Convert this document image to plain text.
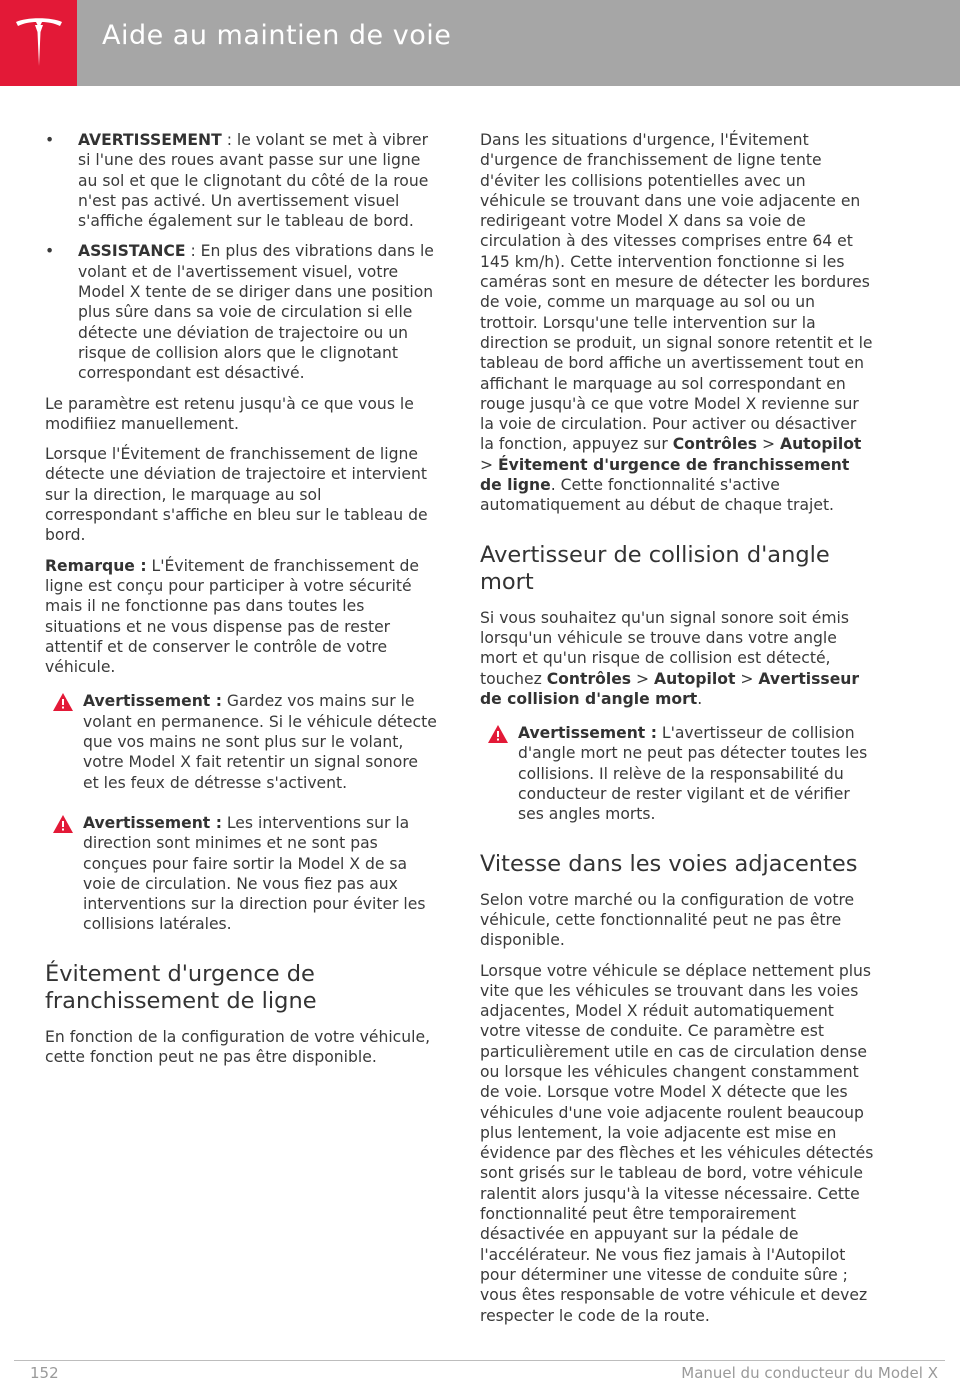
Aide au maintien de voie
• AVERTISSEMENT : le volant se met à vibrer si l'une des roues avant passe sur une ligne au sol et que le clignotant du côté de la roue n'est pas activé. Un avertissement visuel s'affiche également sur le tableau de bord.
• ASSISTANCE : En plus des vibrations dans le volant et de l'avertissement visuel, votre Model X tente de se diriger dans une position plus sûre dans sa voie de circulation si elle détecte une déviation de trajectoire ou un risque de collision alors que le clignotant correspondant est désactivé.

Le paramètre est retenu jusqu'à ce que vous le modifiiez manuellement.

Lorsque l'Évitement de franchissement de ligne détecte une déviation de trajectoire et intervient sur la direction, le marquage au sol correspondant s'affiche en bleu sur le tableau de bord.

Remarque : L'Évitement de franchissement de ligne est conçu pour participer à votre sécurité mais il ne fonctionne pas dans toutes les situations et ne vous dispense pas de rester attentif et de conserver le contrôle de votre véhicule.

Avertissement : Gardez vos mains sur le volant en permanence. Si le véhicule détecte que vos mains ne sont plus sur le volant, votre Model X fait retentir un signal sonore et les feux de détresse s'activent.
Avertissement : Les interventions sur la direction sont minimes et ne sont pas conçues pour faire sortir la Model X de sa voie de circulation. Ne vous fiez pas aux interventions sur la direction pour éviter les collisions latérales.
Évitement d'urgence de franchissement de ligne

En fonction de la configuration de votre véhicule, cette fonction peut ne pas être disponible.

Dans les situations d'urgence, l'Évitement d'urgence de franchissement de ligne tente d'éviter les collisions potentielles avec un véhicule se trouvant dans une voie adjacente en redirigeant votre Model X dans sa voie de circulation à des vitesses comprises entre 64 et 145 km/h). Cette intervention fonctionne si les caméras sont en mesure de détecter les bordures de voie, comme un marquage au sol ou un trottoir. Lorsqu'une telle intervention sur la direction se produit, un signal sonore retentit et le tableau de bord affiche un avertissement tout en affichant le marquage au sol correspondant en rouge jusqu'à ce que votre Model X revienne sur la voie de circulation. Pour activer ou désactiver la fonction, appuyez sur Contrôles > Autopilot > Évitement d'urgence de franchissement de ligne. Cette fonctionnalité s'active automatiquement au début de chaque trajet.

Avertisseur de collision d'angle mort

Si vous souhaitez qu'un signal sonore soit émis lorsqu'un véhicule se trouve dans votre angle mort et qu'un risque de collision est détecté, touchez Contrôles > Autopilot > Avertisseur de collision d'angle mort.

Avertissement : L'avertisseur de collision d'angle mort ne peut pas détecter toutes les collisions. Il relève de la responsabilité du conducteur de rester vigilant et de vérifier ses angles morts.
Vitesse dans les voies adjacentes

Selon votre marché ou la configuration de votre véhicule, cette fonctionnalité peut ne pas être disponible.

Lorsque votre véhicule se déplace nettement plus vite que les véhicules se trouvant dans les voies adjacentes, Model X réduit automatiquement votre vitesse de conduite. Ce paramètre est particulièrement utile en cas de circulation dense ou lorsque les véhicules changent constamment de voie. Lorsque votre Model X détecte que les véhicules d'une voie adjacente roulent beaucoup plus lentement, la voie adjacente est mise en évidence par des flèches et les véhicules détectés sont grisés sur le tableau de bord, votre véhicule ralentit alors jusqu'à la vitesse nécessaire. Cette fonctionnalité peut être temporairement désactivée en appuyant sur la pédale de l'accélérateur. Ne vous fiez jamais à l'Autopilot pour déterminer une vitesse de conduite sûre ; vous êtes responsable de votre véhicule et devez respecter le code de la route.

152	Manuel du conducteur du Model X
